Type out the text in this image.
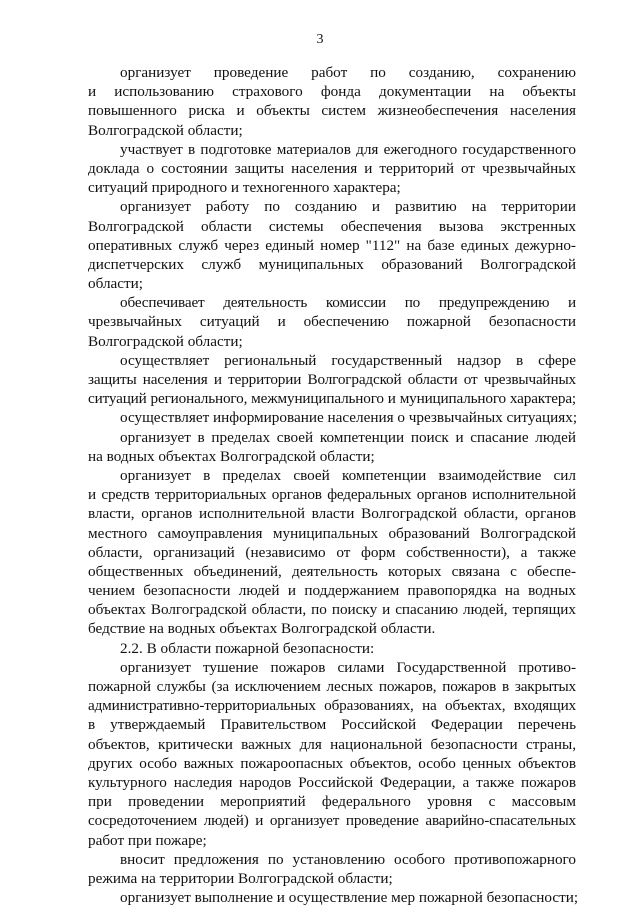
3
организует проведение работ по созданию, сохранению
и использованию страхового фонда документации на объекты
повышенного риска и объекты систем жизнеобеспечения населения
Волгоградской области;
участвует в подготовке материалов для ежегодного государственного
доклада о состоянии защиты населения и территорий от чрезвычайных
ситуаций природного и техногенного характера;
организует работу по созданию и развитию на территории
Волгоградской области системы обеспечения вызова экстренных
оперативных служб через единый номер "112" на базе единых дежурно-
диспетчерских служб муниципальных образований Волгоградской
области;
обеспечивает деятельность комиссии по предупреждению и
чрезвычайных ситуаций и обеспечению пожарной безопасности
Волгоградской области;
осуществляет региональный государственный надзор в сфере
защиты населения и территории Волгоградской области от чрезвычайных
ситуаций регионального, межмуниципального и муниципального характера;
осуществляет информирование населения о чрезвычайных ситуациях;
организует в пределах своей компетенции поиск и спасание людей
на водных объектах Волгоградской области;
организует в пределах своей компетенции взаимодействие сил
и средств территориальных органов федеральных органов исполнительной
власти, органов исполнительной власти Волгоградской области, органов
местного самоуправления муниципальных образований Волгоградской
области, организаций (независимо от форм собственности), а также
общественных объединений, деятельность которых связана с обеспе-
чением безопасности людей и поддержанием правопорядка на водных
объектах Волгоградской области, по поиску и спасанию людей, терпящих
бедствие на водных объектах Волгоградской области.
2.2. В области пожарной безопасности:
организует тушение пожаров силами Государственной противо-
пожарной службы (за исключением лесных пожаров, пожаров в закрытых
административно-территориальных образованиях, на объектах, входящих
в утверждаемый Правительством Российской Федерации перечень
объектов, критически важных для национальной безопасности страны,
других особо важных пожароопасных объектов, особо ценных объектов
культурного наследия народов Российской Федерации, а также пожаров
при проведении мероприятий федерального уровня с массовым
сосредоточением людей) и организует проведение аварийно-спасательных
работ при пожаре;
вносит предложения по установлению особого противопожарного
режима на территории Волгоградской области;
организует выполнение и осуществление мер пожарной безопасности;
